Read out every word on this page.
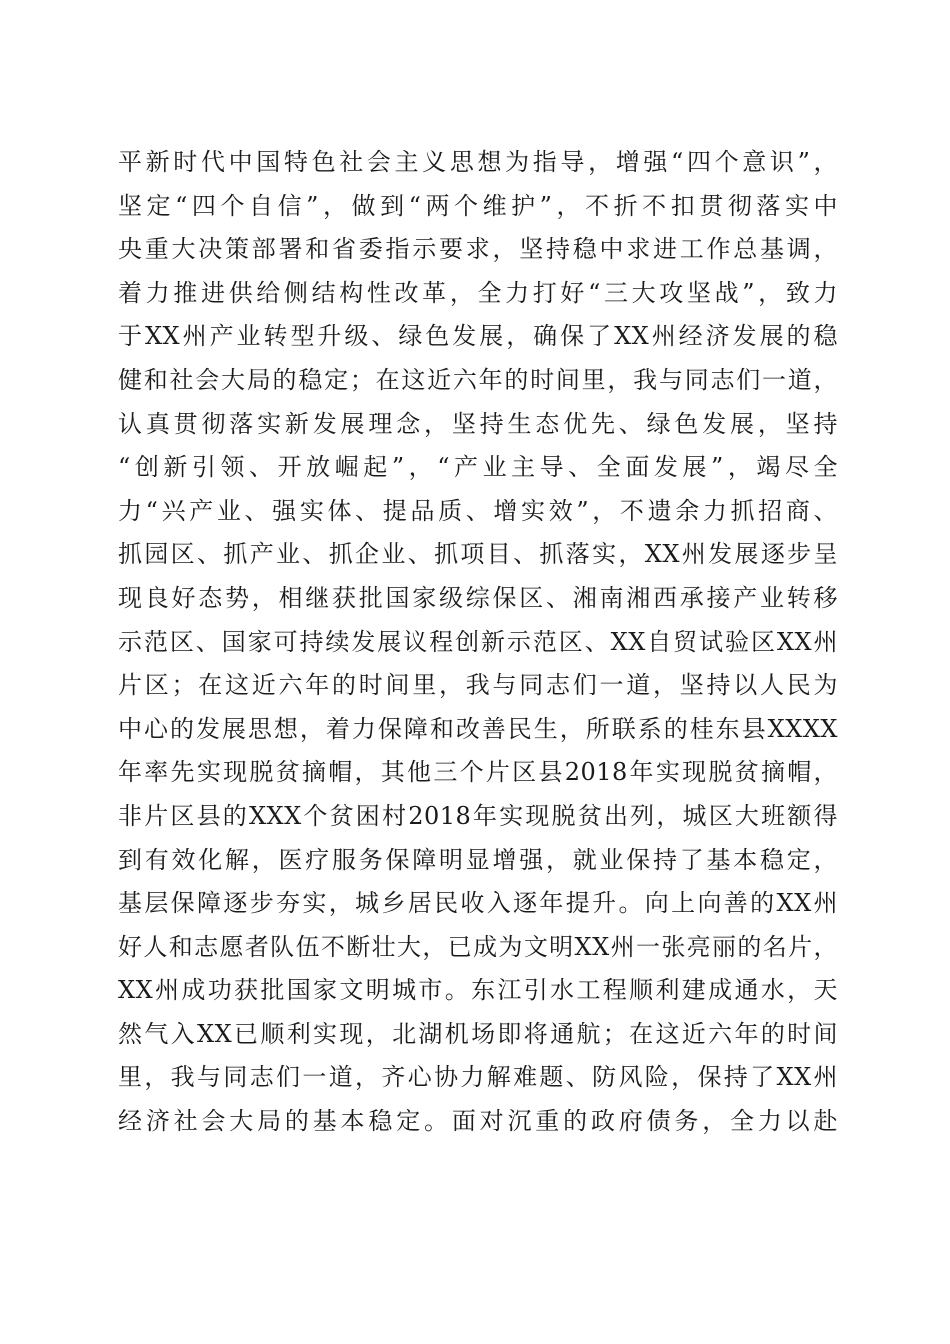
平新时代中国特色社会主义思想为指导，增强“四个意识”，
坚定“四个自信”，做到“两个维护”，不折不扣贯彻落实中
央重大决策部署和省委指示要求，坚持稳中求进工作总基调，
着力推进供给侧结构性改革，全力打好“三大攻坚战”，致力
于XX州产业转型升级、绿色发展，确保了XX州经济发展的稳
健和社会大局的稳定；在这近六年的时间里，我与同志们一道，
认真贯彻落实新发展理念，坚持生态优先、绿色发展，坚持
“创新引领、开放崛起”，“产业主导、全面发展”，竭尽全
力“兴产业、强实体、提品质、增实效”，不遗余力抓招商、
抓园区、抓产业、抓企业、抓项目、抓落实，XX州发展逐步呈
现良好态势，相继获批国家级综保区、湘南湘西承接产业转移
示范区、国家可持续发展议程创新示范区、XX自贸试验区XX州
片区；在这近六年的时间里，我与同志们一道，坚持以人民为
中心的发展思想，着力保障和改善民生，所联系的桂东县XXXX
年率先实现脱贫摘帽，其他三个片区县2018年实现脱贫摘帽，
非片区县的XXX个贫困村2018年实现脱贫出列，城区大班额得
到有效化解，医疗服务保障明显增强，就业保持了基本稳定，
基层保障逐步夯实，城乡居民收入逐年提升。向上向善的XX州
好人和志愿者队伍不断壮大，已成为文明XX州一张亮丽的名片，
XX州成功获批国家文明城市。东江引水工程顺利建成通水，天
然气入XX已顺利实现，北湖机场即将通航；在这近六年的时间
里，我与同志们一道，齐心协力解难题、防风险，保持了XX州
经济社会大局的基本稳定。面对沉重的政府债务，全力以赴
